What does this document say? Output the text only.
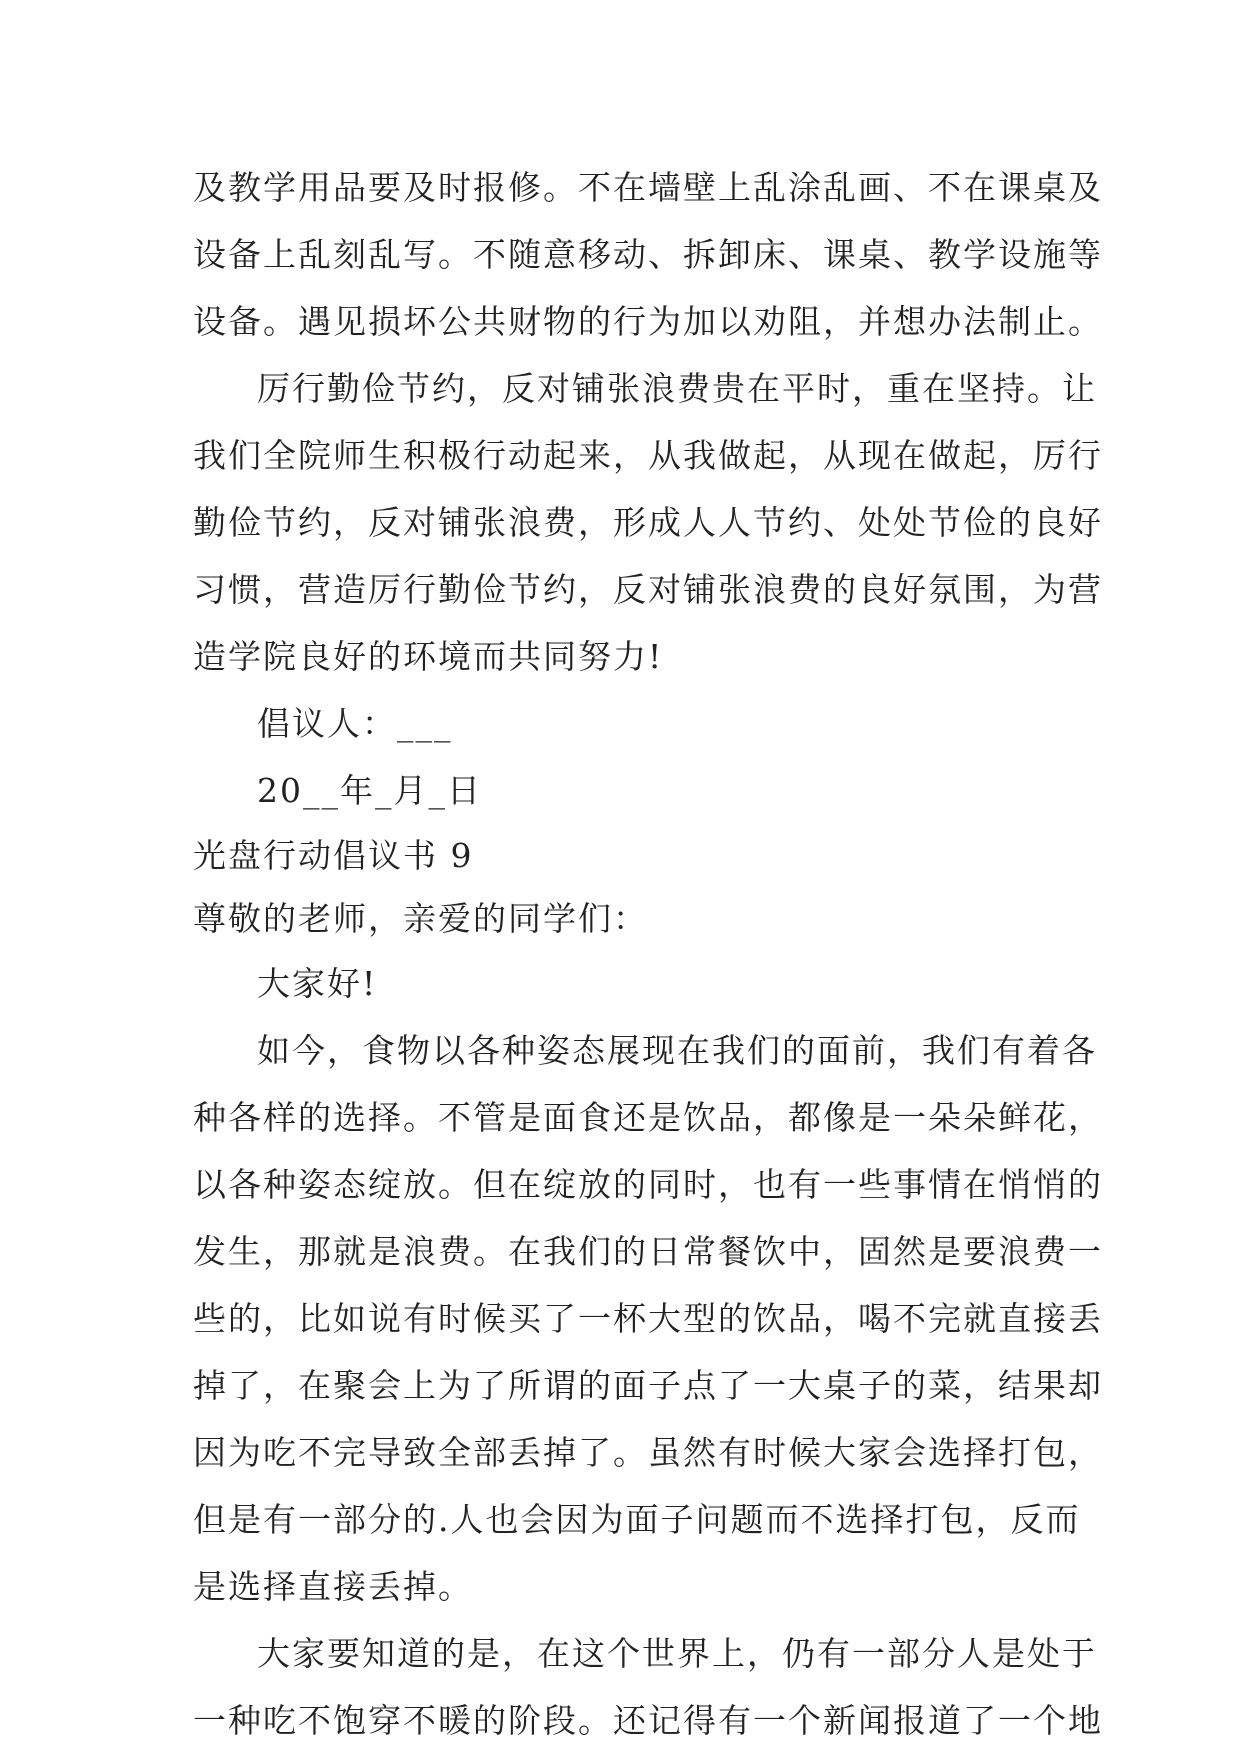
及教学用品要及时报修。不在墙壁上乱涂乱画、不在课桌及
设备上乱刻乱写。不随意移动、拆卸床、课桌、教学设施等
设备。遇见损坏公共财物的行为加以劝阻，并想办法制止。
厉行勤俭节约，反对铺张浪费贵在平时，重在坚持。让
我们全院师生积极行动起来，从我做起，从现在做起，厉行
勤俭节约，反对铺张浪费，形成人人节约、处处节俭的良好
习惯，营造厉行勤俭节约，反对铺张浪费的良好氛围，为营
造学院良好的环境而共同努力!
倡议人：___
20__年_月_日
光盘行动倡议书 9
尊敬的老师，亲爱的同学们：
大家好!
如今，食物以各种姿态展现在我们的面前，我们有着各
种各样的选择。不管是面食还是饮品，都像是一朵朵鲜花，
以各种姿态绽放。但在绽放的同时，也有一些事情在悄悄的
发生，那就是浪费。在我们的日常餐饮中，固然是要浪费一
些的，比如说有时候买了一杯大型的饮品，喝不完就直接丢
掉了，在聚会上为了所谓的面子点了一大桌子的菜，结果却
因为吃不完导致全部丢掉了。虽然有时候大家会选择打包，
但是有一部分的.人也会因为面子问题而不选择打包，反而
是选择直接丢掉。
大家要知道的是，在这个世界上，仍有一部分人是处于
一种吃不饱穿不暖的阶段。还记得有一个新闻报道了一个地
